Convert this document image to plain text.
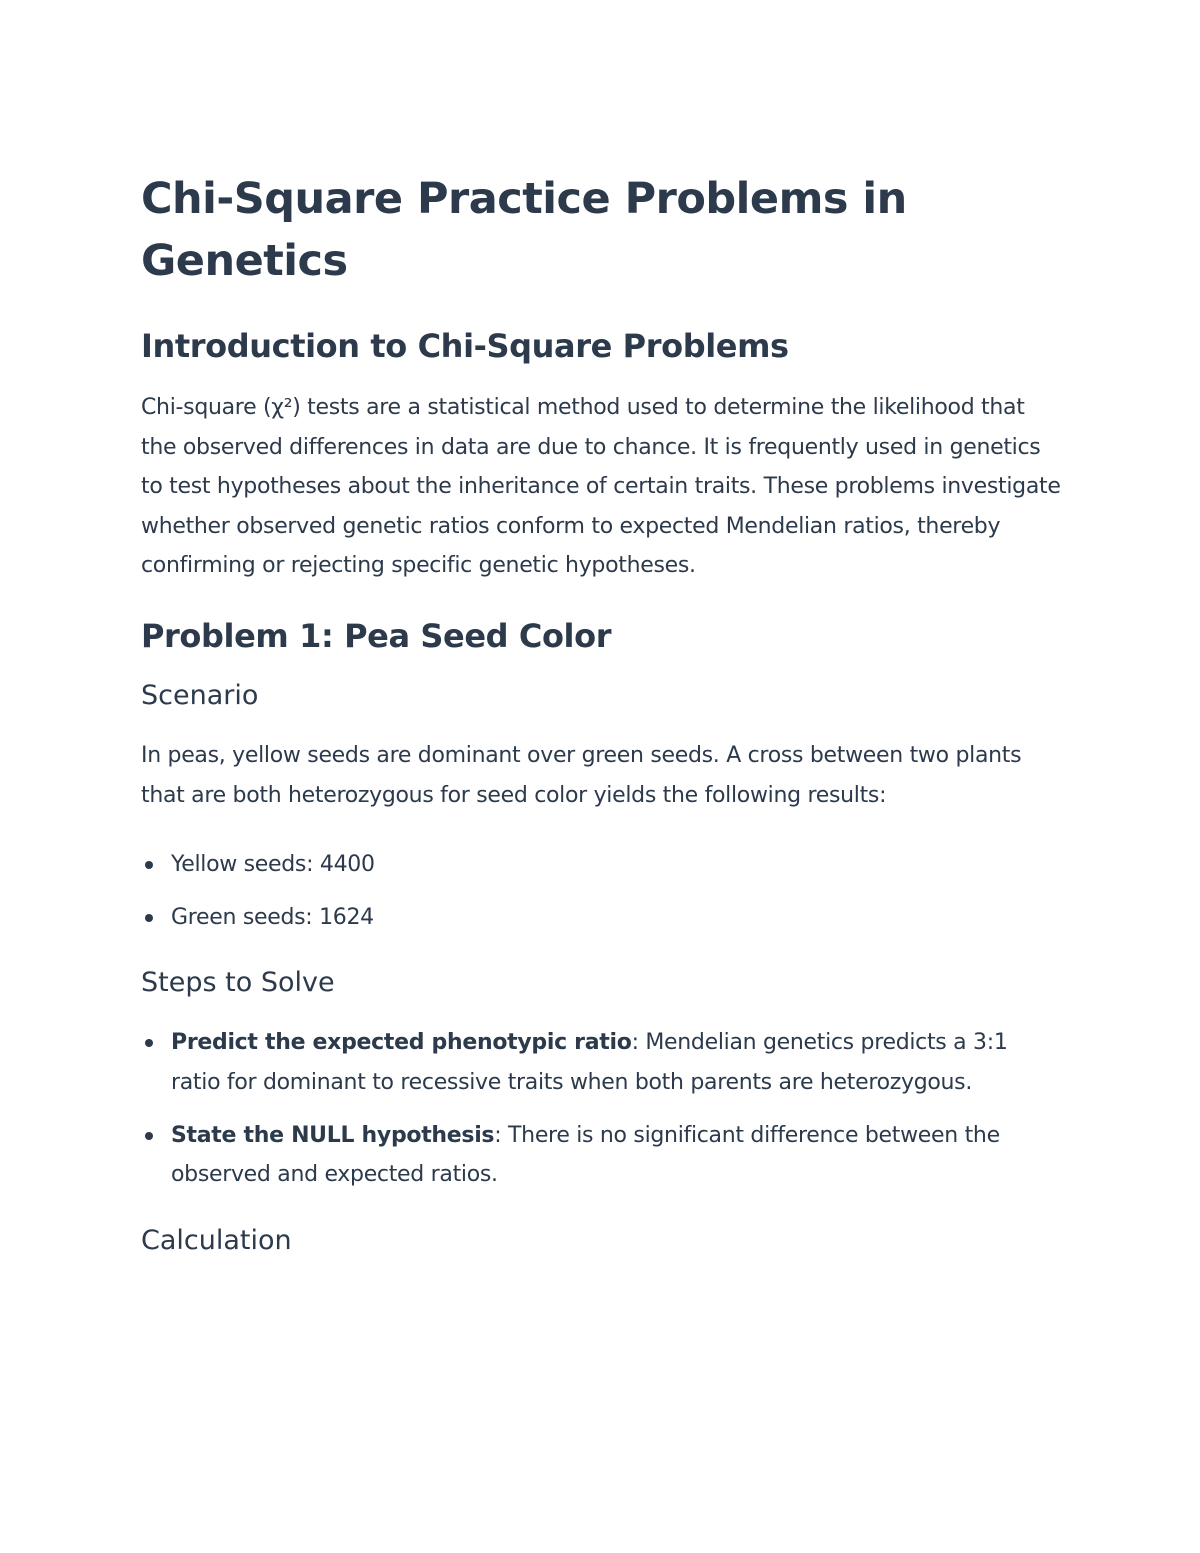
Chi-Square Practice Problems in Genetics
Introduction to Chi-Square Problems

Chi-square (χ²) tests are a statistical method used to determine the likelihood that the observed differences in data are due to chance. It is frequently used in genetics to test hypotheses about the inheritance of certain traits. These problems investigate whether observed genetic ratios conform to expected Mendelian ratios, thereby confirming or rejecting specific genetic hypotheses.

Problem 1: Pea Seed Color
Scenario

In peas, yellow seeds are dominant over green seeds. A cross between two plants that are both heterozygous for seed color yields the following results:

Yellow seeds: 4400
Green seeds: 1624
Steps to Solve
Predict the expected phenotypic ratio: Mendelian genetics predicts a 3:1 ratio for dominant to recessive traits when both parents are heterozygous.
State the NULL hypothesis: There is no significant difference between the observed and expected ratios.
Calculation
